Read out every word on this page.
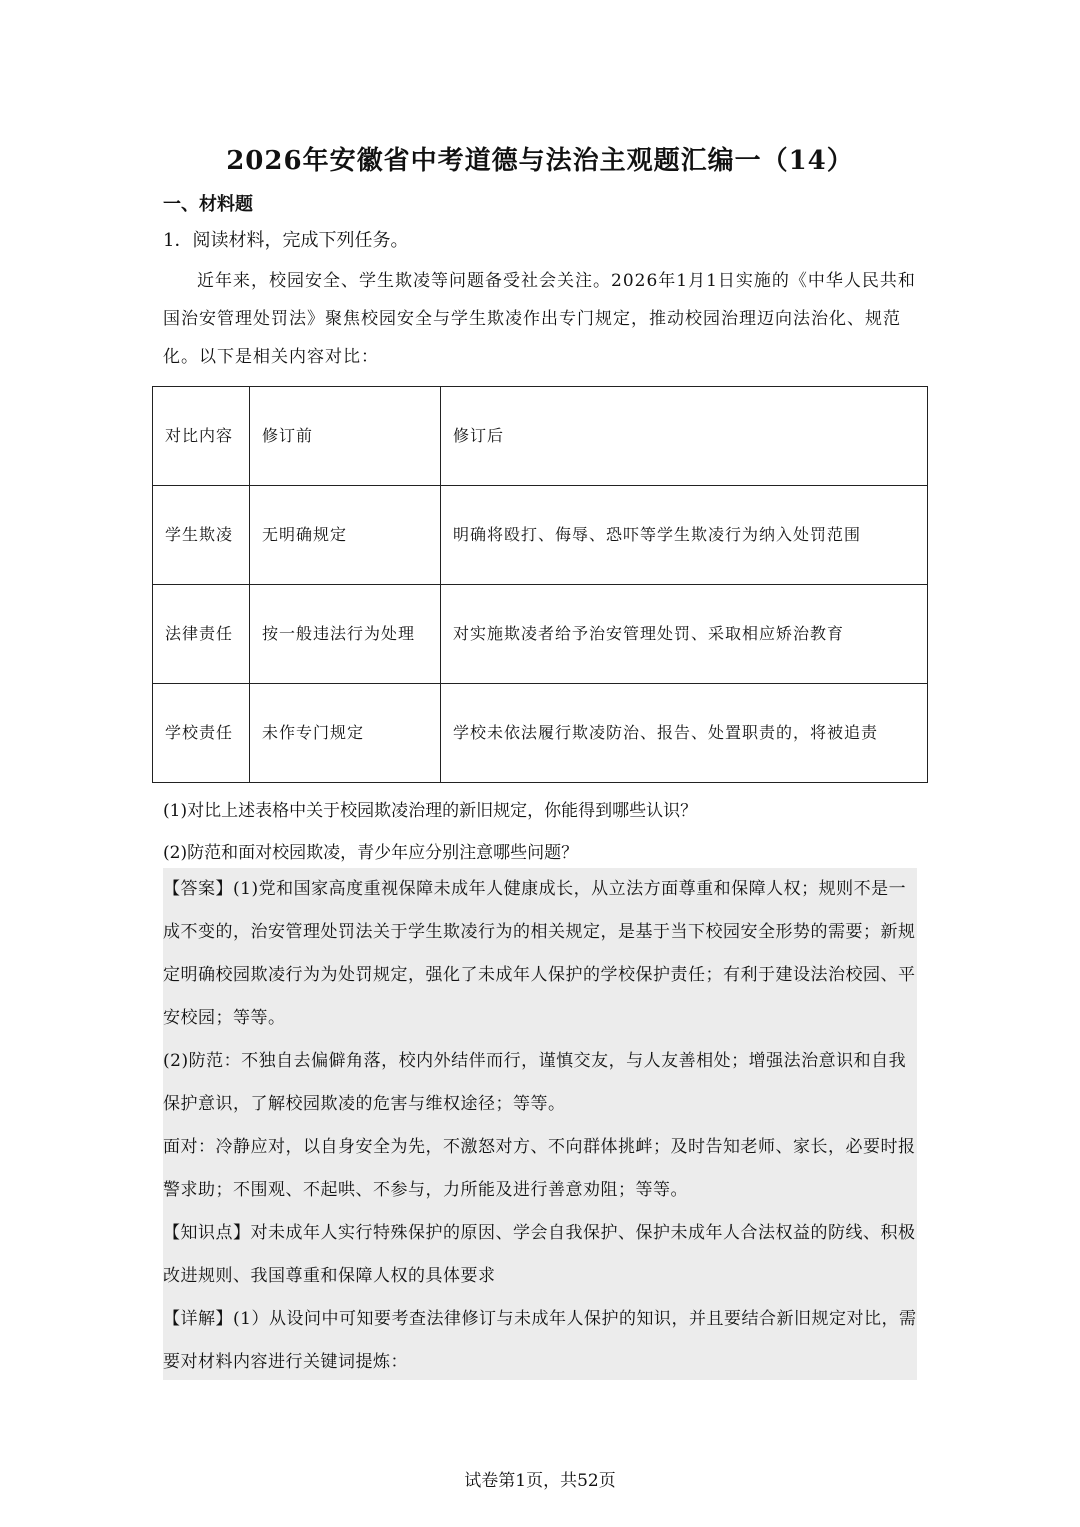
2026年安徽省中考道德与法治主观题汇编一（14）
一、材料题
1．阅读材料，完成下列任务。

近年来，校园安全、学生欺凌等问题备受社会关注。2026年1月1日实施的《中华人民共和国治安管理处罚法》聚焦校园安全与学生欺凌作出专门规定，推动校园治理迈向法治化、规范化。以下是相关内容对比：

对比内容	修订前	修订后
学生欺凌	无明确规定	明确将殴打、侮辱、恐吓等学生欺凌行为纳入处罚范围
法律责任	按一般违法行为处理	对实施欺凌者给予治安管理处罚、采取相应矫治教育
学校责任	未作专门规定	学校未依法履行欺凌防治、报告、处置职责的，将被追责
(1)对比上述表格中关于校园欺凌治理的新旧规定，你能得到哪些认识？
(2)防范和面对校园欺凌，青少年应分别注意哪些问题？

【答案】(1)党和国家高度重视保障未成年人健康成长，从立法方面尊重和保障人权；规则不是一成不变的，治安管理处罚法关于学生欺凌行为的相关规定，是基于当下校园安全形势的需要；新规定明确校园欺凌行为为处罚规定，强化了未成年人保护的学校保护责任；有利于建设法治校园、平安校园；等等。

(2)防范：不独自去偏僻角落，校内外结伴而行，谨慎交友，与人友善相处；增强法治意识和自我保护意识，了解校园欺凌的危害与维权途径；等等。

面对：冷静应对，以自身安全为先，不激怒对方、不向群体挑衅；及时告知老师、家长，必要时报警求助；不围观、不起哄、不参与，力所能及进行善意劝阻；等等。

【知识点】对未成年人实行特殊保护的原因、学会自我保护、保护未成年人合法权益的防线、积极改进规则、我国尊重和保障人权的具体要求

【详解】(1）从设问中可知要考查法律修订与未成年人保护的知识，并且要结合新旧规定对比，需要对材料内容进行关键词提炼：

试卷第1页，共52页
